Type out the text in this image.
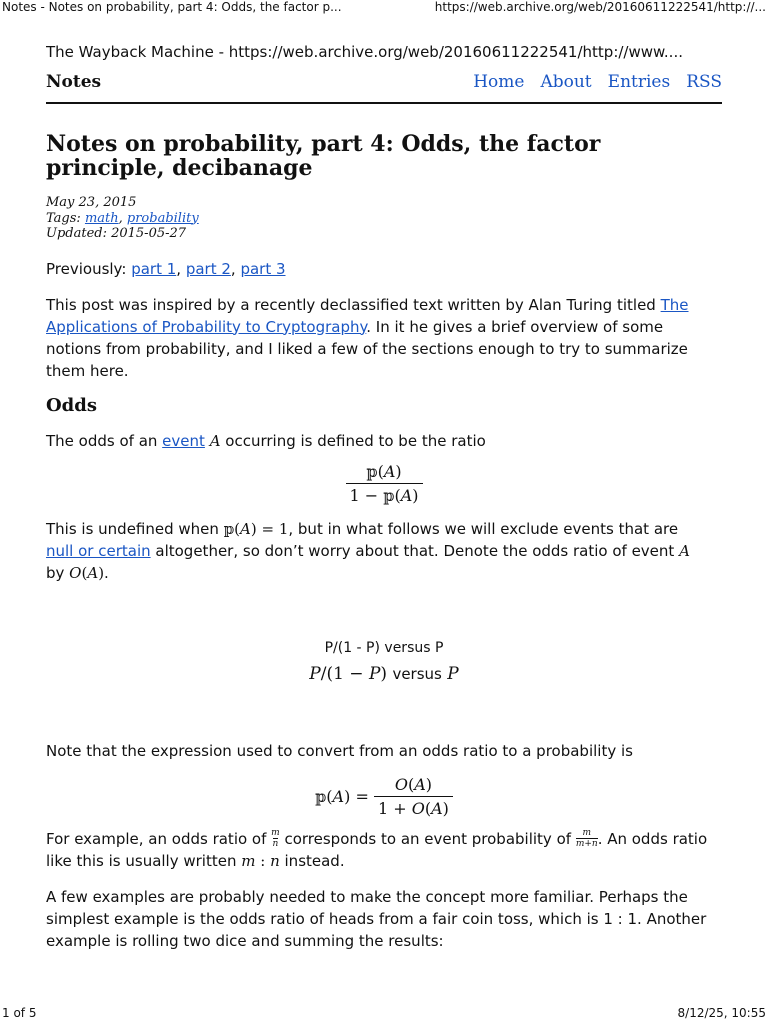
Notes - Notes on probability, part 4: Odds, the factor p...	https://web.archive.org/web/20160611222541/http://...
The Wayback Machine - https://web.archive.org/web/20160611222541/http://www....
Notes	Home About Entries RSS
Notes on probability, part 4: Odds, the factor principle, decibanage
May 23, 2015
Tags: math, probability
Updated: 2015-05-27

Previously: part 1, part 2, part 3

This post was inspired by a recently declassified text written by Alan Turing titled The Applications of Probability to Cryptography. In it he gives a brief overview of some notions from probability, and I liked a few of the sections enough to try to summarize them here.

Odds

The odds of an event A occurring is defined to be the ratio

$\frac{\text{𝕡(A)}}{\text{1 − 𝕡(A)}}$

This is undefined when 𝕡(A) = 1, but in what follows we will exclude events that are
null or certain altogether, so don’t worry about that. Denote the odds ratio of event A
by O(A).

P/(1 - P) versus P
P/(1 − P) versus P

Note that the expression used to convert from an odds ratio to a probability is

𝕡(A) = $\frac{O(A)}{1 + O(A)}$

For example, an odds ratio of $\frac{m}{n}$ corresponds to an event probability of $\frac{m}{m+n}$ . An odds ratio like this is usually written m : n instead.

A few examples are probably needed to make the concept more familiar. Perhaps the simplest example is the odds ratio of heads from a fair coin toss, which is 1 : 1. Another example is rolling two dice and summing the results:

1 of 5	8/12/25, 10:55
